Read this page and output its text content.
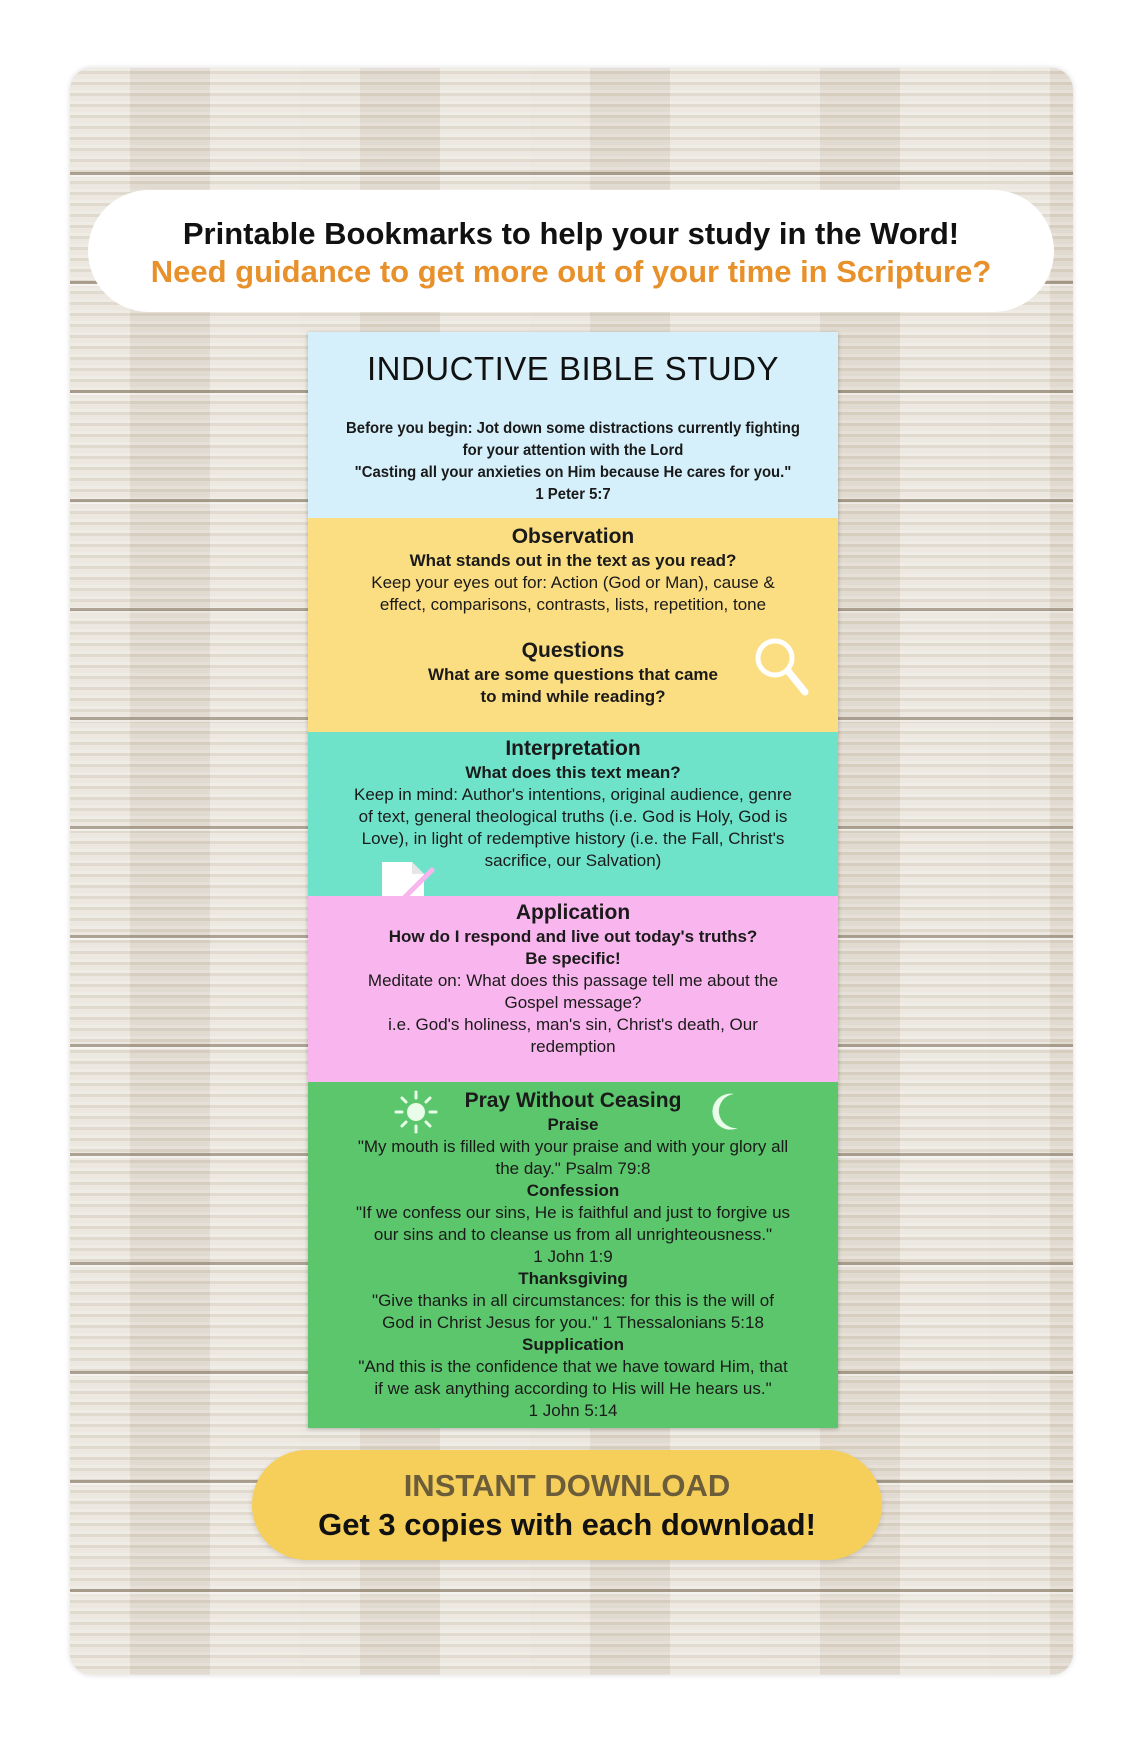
Printable Bookmarks to help your study in the Word!
Need guidance to get more out of your time in Scripture?
INDUCTIVE BIBLE STUDY
Before you begin: Jot down some distractions currently fighting
for your attention with the Lord
"Casting all your anxieties on Him because He cares for you."
1 Peter 5:7
Observation
What stands out in the text as you read?
Keep your eyes out for: Action (God or Man), cause &
effect, comparisons, contrasts, lists, repetition, tone
Questions
What are some questions that came
to mind while reading?
Interpretation
What does this text mean?
Keep in mind: Author's intentions, original audience, genre
of text, general theological truths (i.e. God is Holy, God is
Love), in light of redemptive history (i.e. the Fall, Christ's
sacrifice, our Salvation)
Application
How do I respond and live out today's truths?
Be specific!
Meditate on: What does this passage tell me about the
Gospel message?
i.e. God's holiness, man's sin, Christ's death, Our
redemption
Pray Without Ceasing
Praise
"My mouth is filled with your praise and with your glory all
the day." Psalm 79:8
Confession
"If we confess our sins, He is faithful and just to forgive us
our sins and to cleanse us from all unrighteousness."
1 John 1:9
Thanksgiving
"Give thanks in all circumstances: for this is the will of
God in Christ Jesus for you." 1 Thessalonians 5:18
Supplication
"And this is the confidence that we have toward Him, that
if we ask anything according to His will He hears us."
1 John 5:14
INSTANT DOWNLOAD
Get 3 copies with each download!
